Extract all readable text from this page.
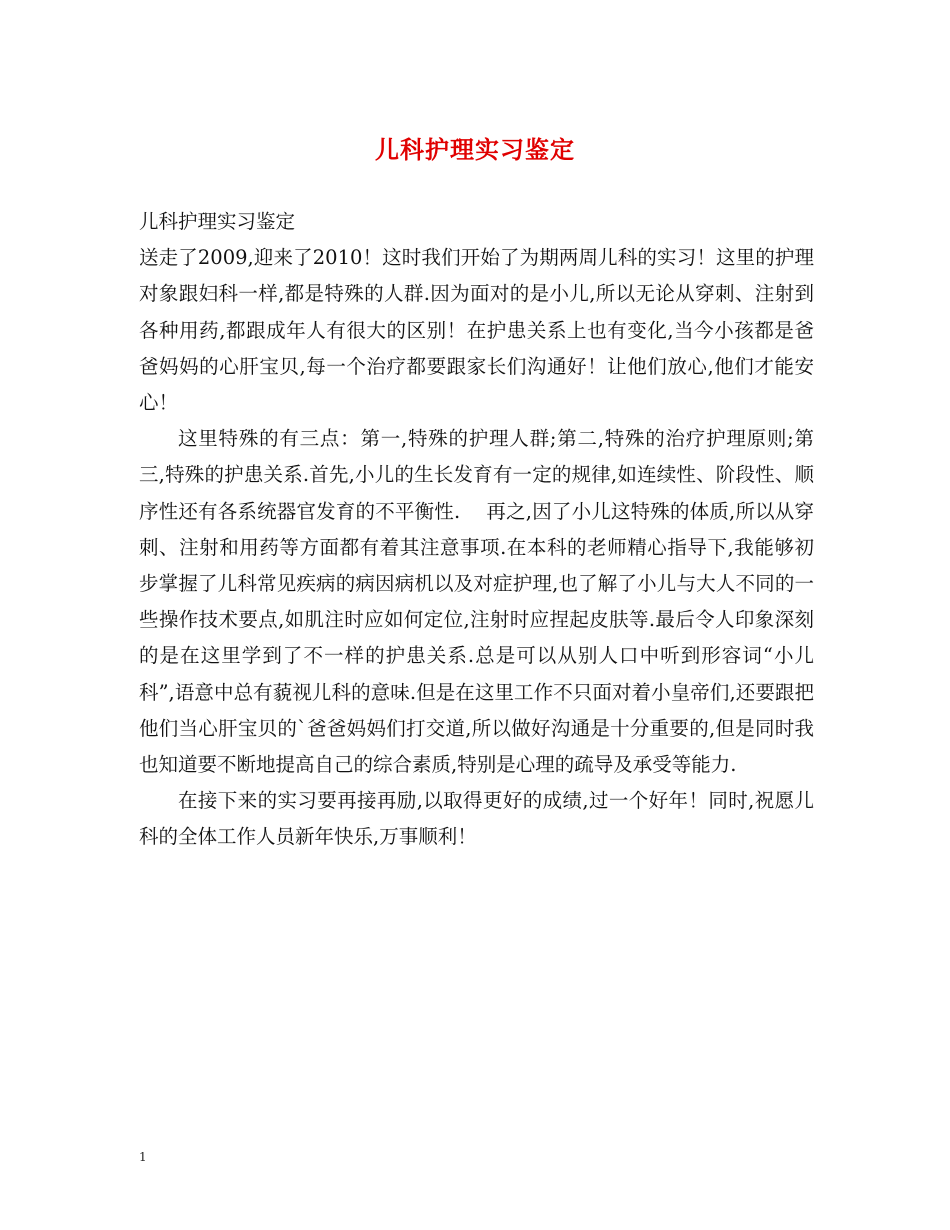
儿科护理实习鉴定

儿科护理实习鉴定

送走了2009,迎来了2010！这时我们开始了为期两周儿科的实习！这里的护理对象跟妇科一样,都是特殊的人群.因为面对的是小儿,所以无论从穿刺、注射到各种用药,都跟成年人有很大的区别！在护患关系上也有变化,当今小孩都是爸爸妈妈的心肝宝贝,每一个治疗都要跟家长们沟通好！让他们放心,他们才能安心！

这里特殊的有三点：第一,特殊的护理人群;第二,特殊的治疗护理原则;第三,特殊的护患关系.首先,小儿的生长发育有一定的规律,如连续性、阶段性、顺序性还有各系统器官发育的不平衡性.　 再之,因了小儿这特殊的体质,所以从穿刺、注射和用药等方面都有着其注意事项.在本科的老师精心指导下,我能够初步掌握了儿科常见疾病的病因病机以及对症护理,也了解了小儿与大人不同的一些操作技术要点,如肌注时应如何定位,注射时应捏起皮肤等.最后令人印象深刻的是在这里学到了不一样的护患关系.总是可以从别人口中听到形容词“小儿科”,语意中总有藐视儿科的意味.但是在这里工作不只面对着小皇帝们,还要跟把他们当心肝宝贝的`爸爸妈妈们打交道,所以做好沟通是十分重要的,但是同时我也知道要不断地提高自己的综合素质,特别是心理的疏导及承受等能力.

在接下来的实习要再接再励,以取得更好的成绩,过一个好年！同时,祝愿儿科的全体工作人员新年快乐,万事顺利！

1
